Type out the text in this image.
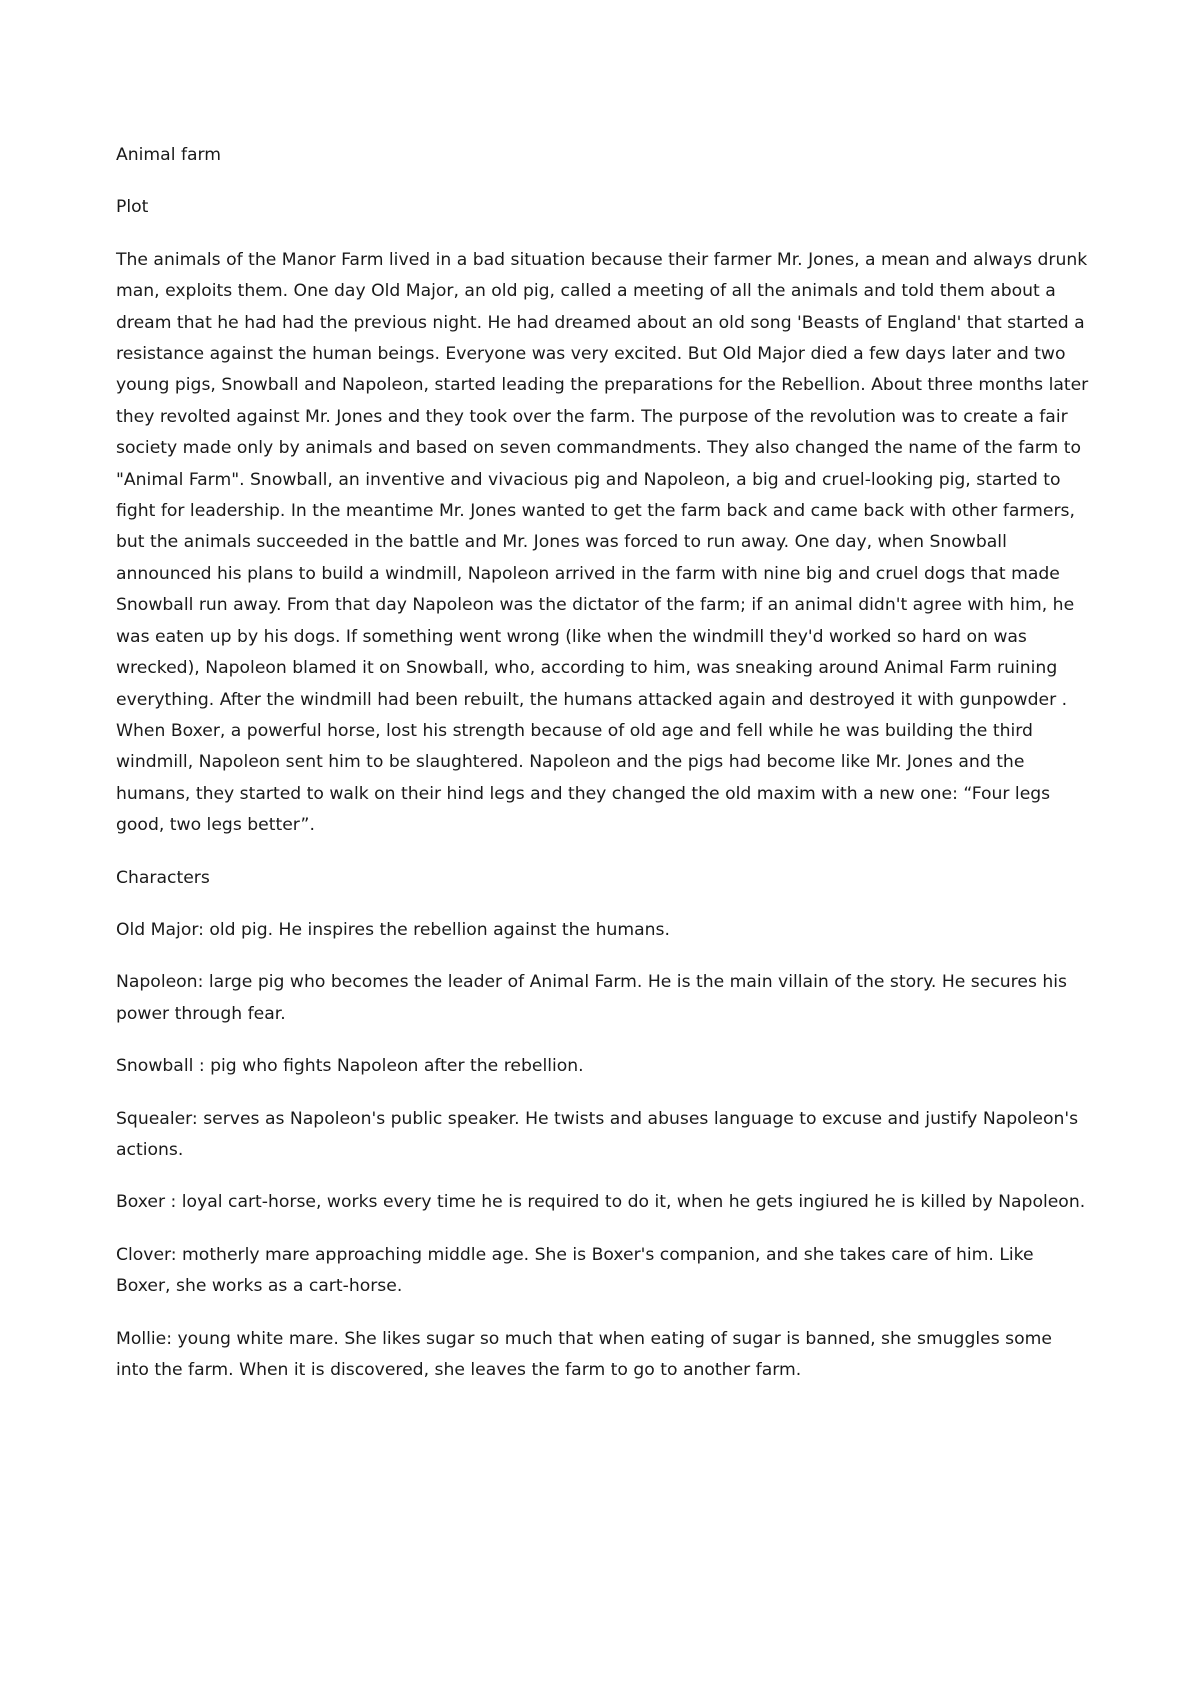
Animal farm

Plot

The animals of the Manor Farm lived in a bad situation because their farmer Mr. Jones, a mean and always drunk man, exploits them. One day Old Major, an old pig, called a meeting of all the animals and told them about a dream that he had had the previous night. He had dreamed about an old song 'Beasts of England' that started a resistance against the human beings. Everyone was very excited. But Old Major died a few days later and two young pigs, Snowball and Napoleon, started leading the preparations for the Rebellion. About three months later they revolted against Mr. Jones and they took over the farm. The purpose of the revolution was to create a fair society made only by animals and based on seven commandments. They also changed the name of the farm to "Animal Farm". Snowball, an inventive and vivacious pig and Napoleon, a big and cruel-looking pig, started to fight for leadership. In the meantime Mr. Jones wanted to get the farm back and came back with other farmers, but the animals succeeded in the battle and Mr. Jones was forced to run away. One day, when Snowball announced his plans to build a windmill, Napoleon arrived in the farm with nine big and cruel dogs that made Snowball run away. From that day Napoleon was the dictator of the farm; if an animal didn't agree with him, he was eaten up by his dogs. If something went wrong (like when the windmill they'd worked so hard on was wrecked), Napoleon blamed it on Snowball, who, according to him, was sneaking around Animal Farm ruining everything. After the windmill had been rebuilt, the humans attacked again and destroyed it with gunpowder . When Boxer, a powerful horse, lost his strength because of old age and fell while he was building the third windmill, Napoleon sent him to be slaughtered. Napoleon and the pigs had become like Mr. Jones and the humans, they started to walk on their hind legs and they changed the old maxim with a new one: “Four legs good, two legs better”.

Characters

Old Major: old pig. He inspires the rebellion against the humans.

Napoleon: large pig who becomes the leader of Animal Farm. He is the main villain of the story. He secures his power through fear.

Snowball : pig who fights Napoleon after the rebellion.

Squealer: serves as Napoleon's public speaker. He twists and abuses language to excuse and justify Napoleon's actions.

Boxer : loyal cart-horse, works every time he is required to do it, when he gets ingiured he is killed by Napoleon.

Clover: motherly mare approaching middle age. She is Boxer's companion, and she takes care of him. Like Boxer, she works as a cart-horse.

Mollie: young white mare. She likes sugar so much that when eating of sugar is banned, she smuggles some into the farm. When it is discovered, she leaves the farm to go to another farm.
